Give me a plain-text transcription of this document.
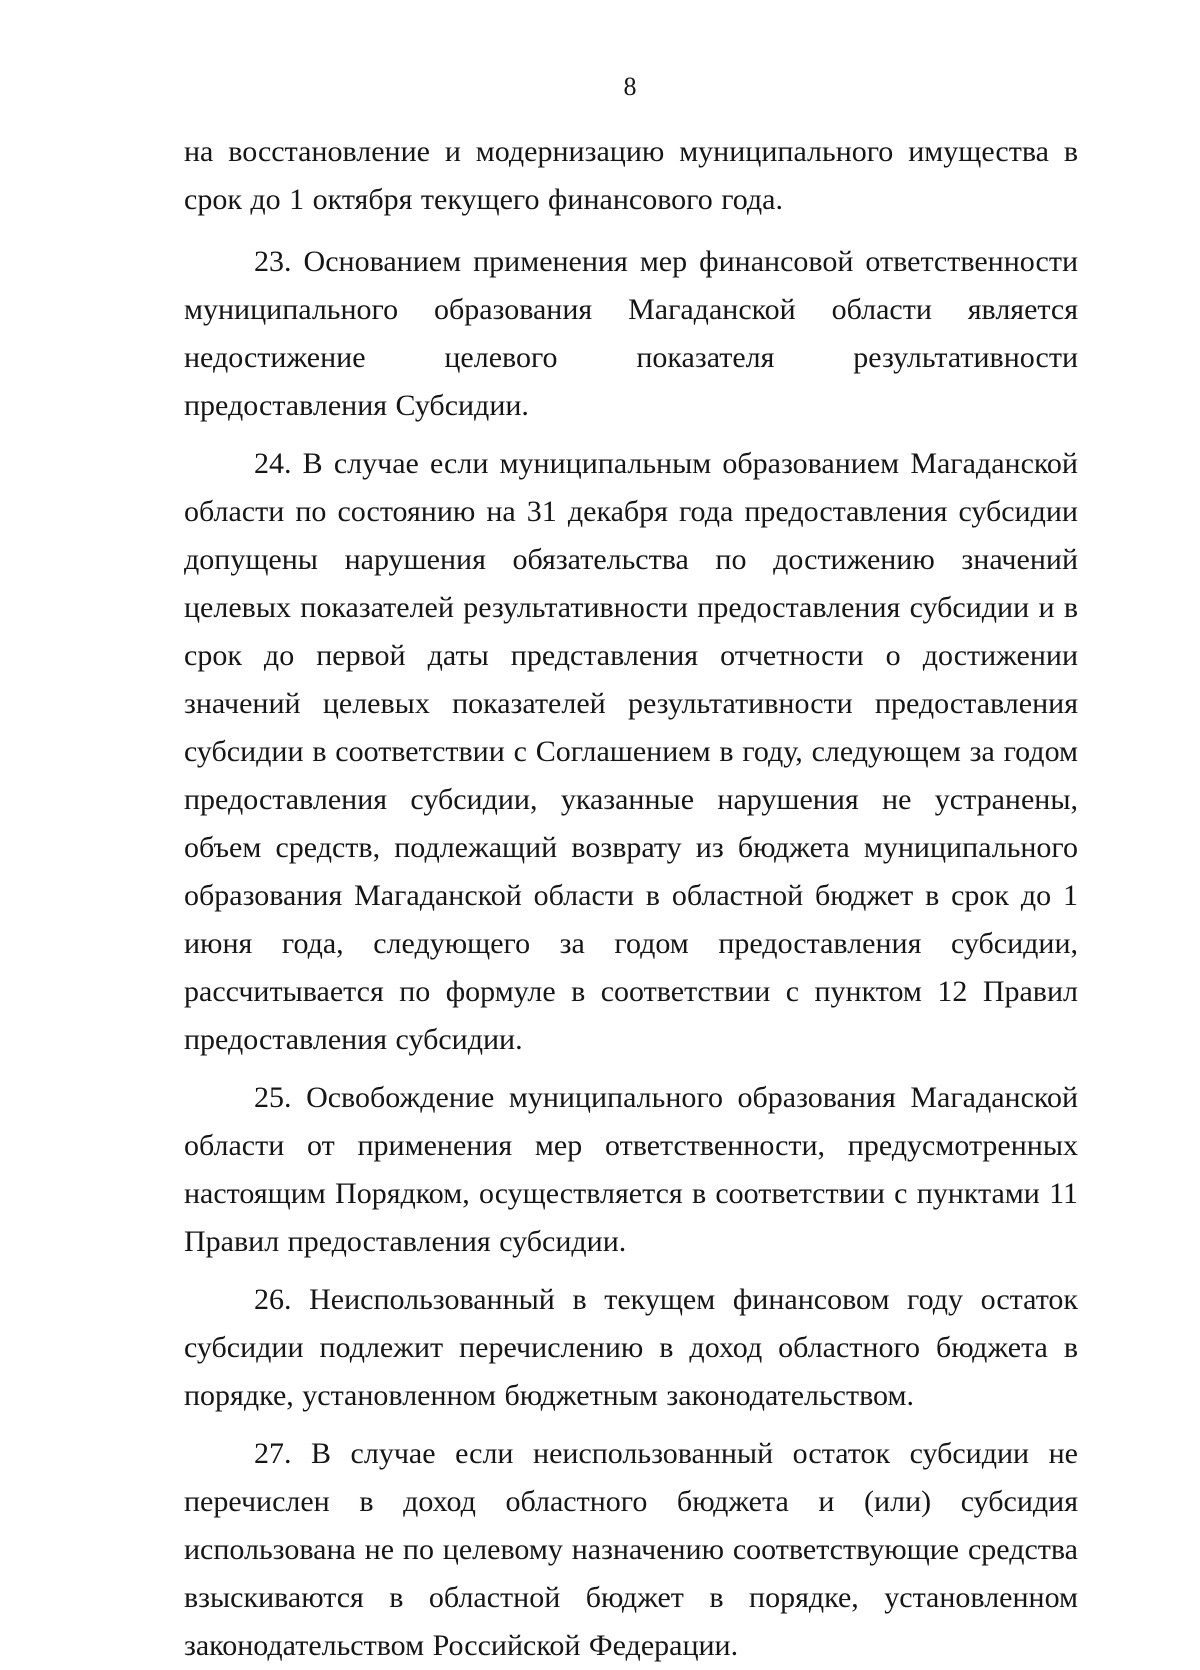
8

на восстановление и модернизацию муниципального имущества в срок до 1 октября текущего финансового года.

23. Основанием применения мер финансовой ответственности муниципального образования Магаданской области является недостижение целевого показателя результативности предоставления Субсидии.

24. В случае если муниципальным образованием Магаданской области по состоянию на 31 декабря года предоставления субсидии допущены нарушения обязательства по достижению значений целевых показателей результативности предоставления субсидии и в срок до первой даты представления отчетности о достижении значений целевых показателей результативности предоставления субсидии в соответствии с Соглашением в году, следующем за годом предоставления субсидии, указанные нарушения не устранены, объем средств, подлежащий возврату из бюджета муниципального образования Магаданской области в областной бюджет в срок до 1 июня года, следующего за годом предоставления субсидии, рассчитывается по формуле в соответствии с пунктом 12 Правил предоставления субсидии.

25. Освобождение муниципального образования Магаданской области от применения мер ответственности, предусмотренных настоящим Порядком, осуществляется в соответствии с пунктами 11 Правил предоставления субсидии.

26. Неиспользованный в текущем финансовом году остаток субсидии подлежит перечислению в доход областного бюджета в порядке, установленном бюджетным законодательством.

27. В случае если неиспользованный остаток субсидии не перечислен в доход областного бюджета и (или) субсидия использована не по целевому назначению соответствующие средства взыскиваются в областной бюджет в порядке, установленном законодательством Российской Федерации.
